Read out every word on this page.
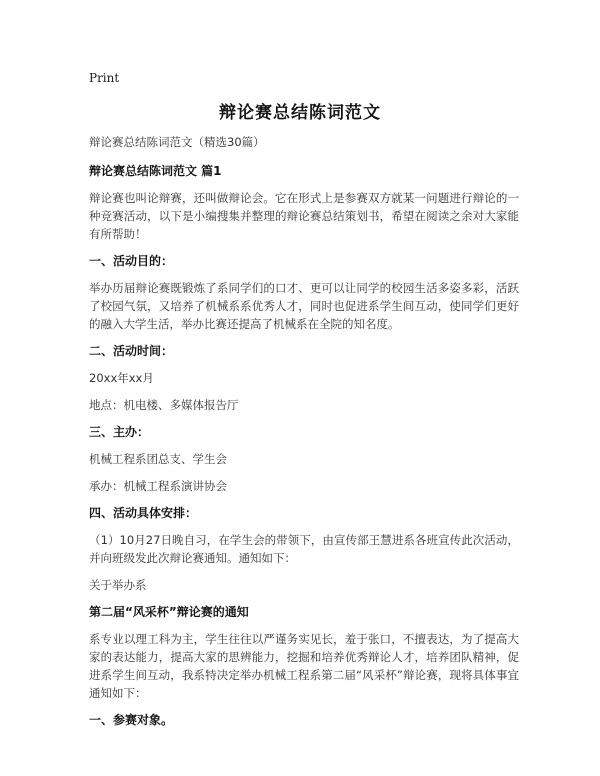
Print
辩论赛总结陈词范文

辩论赛总结陈词范文（精选30篇）

辩论赛总结陈词范文 篇1

辩论赛也叫论辩赛，还叫做辩论会。它在形式上是参赛双方就某一问题进行辩论的一种竞赛活动，以下是小编搜集并整理的辩论赛总结策划书，希望在阅读之余对大家能有所帮助！

一、活动目的：

举办历届辩论赛既锻炼了系同学们的口才、更可以让同学的校园生活多姿多彩，活跃了校园气氛，又培养了机械系系优秀人才，同时也促进系学生间互动，使同学们更好的融入大学生活，举办比赛还提高了机械系在全院的知名度。

二、活动时间：

20xx年xx月

地点：机电楼、多媒体报告厅

三、主办：

机械工程系团总支、学生会

承办：机械工程系演讲协会

四、活动具体安排：

（1）10月27日晚自习，在学生会的带领下，由宣传部王慧进系各班宣传此次活动，并向班级发此次辩论赛通知。通知如下：

关于举办系

第二届“风采杯”辩论赛的通知

系专业以理工科为主，学生往往以严谨务实见长，羞于张口，不擅表达，为了提高大家的表达能力，提高大家的思辨能力，挖掘和培养优秀辩论人才，培养团队精神，促进系学生间互动，我系特决定举办机械工程系第二届“风采杯”辩论赛，现将具体事宜通知如下：

一、参赛对象。
